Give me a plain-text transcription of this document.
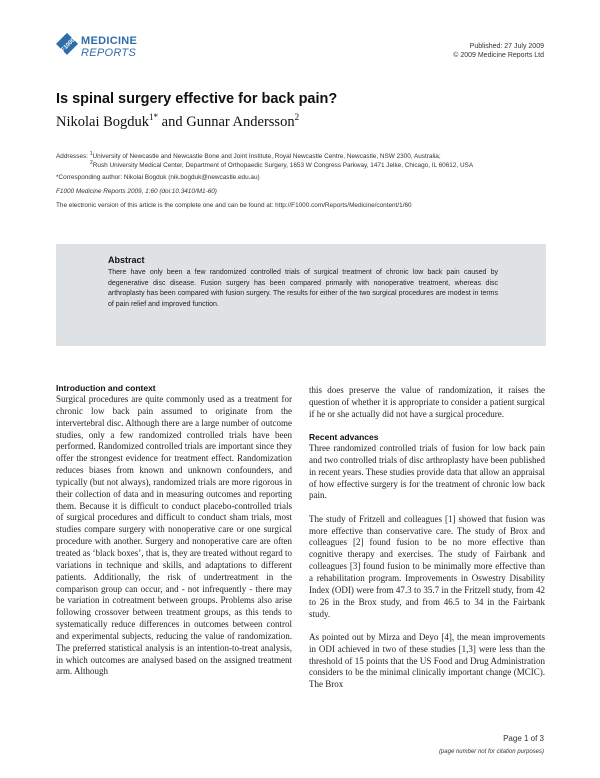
F1000 MEDICINE
REPORTS
Published: 27 July 2009
© 2009 Medicine Reports Ltd
Is spinal surgery effective for back pain?
Nikolai Bogduk$^{1*}$ and Gunnar Andersson$^2$
Addresses: $^1$University of Newcastle and Newcastle Bone and Joint Institute, Royal Newcastle Centre, Newcastle, NSW 2300, Australia;
$^2$Rush University Medical Center, Department of Orthopaedic Surgery, 1653 W Congress Parkway, 1471 Jelke, Chicago, IL 60612, USA
*Corresponding author: Nikolai Bogduk (nik.bogduk@newcastle.edu.au)
F1000 Medicine Reports 2009, 1:60 (doi:10.3410/M1-60)
The electronic version of this article is the complete one and can be found at: http://F1000.com/Reports/Medicine/content/1/60
Abstract

There have only been a few randomized controlled trials of surgical treatment of chronic low back pain caused by degenerative disc disease. Fusion surgery has been compared primarily with nonoperative treatment, whereas disc arthroplasty has been compared with fusion surgery. The results for either of the two surgical procedures are modest in terms of pain relief and improved function.

Introduction and context

Surgical procedures are quite commonly used as a treatment for chronic low back pain assumed to originate from the intervertebral disc. Although there are a large number of outcome studies, only a few randomized controlled trials have been performed. Randomized controlled trials are important since they offer the strongest evidence for treatment effect. Randomization reduces biases from known and unknown confounders, and typically (but not always), randomized trials are more rigorous in their collection of data and in measuring outcomes and reporting them. Because it is difficult to conduct placebo-controlled trials of surgical procedures and difficult to conduct sham trials, most studies compare surgery with nonoperative care or one surgical procedure with another. Surgery and nonoperative care are often treated as ‘black boxes’, that is, they are treated without regard to variations in technique and skills, and adaptations to different patients. Additionally, the risk of undertreatment in the comparison group can occur, and - not infrequently - there may be variation in cotreatment between groups. Problems also arise following crossover between treatment groups, as this tends to systematically reduce differences in outcomes between control and experimental subjects, reducing the value of randomization. The preferred statistical analysis is an intention-to-treat analysis, in which outcomes are analysed based on the assigned treatment arm. Although

this does preserve the value of randomization, it raises the question of whether it is appropriate to consider a patient surgical if he or she actually did not have a surgical procedure.

Recent advances

Three randomized controlled trials of fusion for low back pain and two controlled trials of disc arthroplasty have been published in recent years. These studies provide data that allow an appraisal of how effective surgery is for the treatment of chronic low back pain.

The study of Fritzell and colleagues [1] showed that fusion was more effective than conservative care. The study of Brox and colleagues [2] found fusion to be no more effective than cognitive therapy and exercises. The study of Fairbank and colleagues [3] found fusion to be minimally more effective than a rehabilitation program. Improvements in Oswestry Disability Index (ODI) were from 47.3 to 35.7 in the Fritzell study, from 42 to 26 in the Brox study, and from 46.5 to 34 in the Fairbank study.

As pointed out by Mirza and Deyo [4], the mean improvements in ODI achieved in two of these studies [1,3] were less than the threshold of 15 points that the US Food and Drug Administration considers to be the minimal clinically important change (MCIC). The Brox

Page 1 of 3
(page number not for citation purposes)
